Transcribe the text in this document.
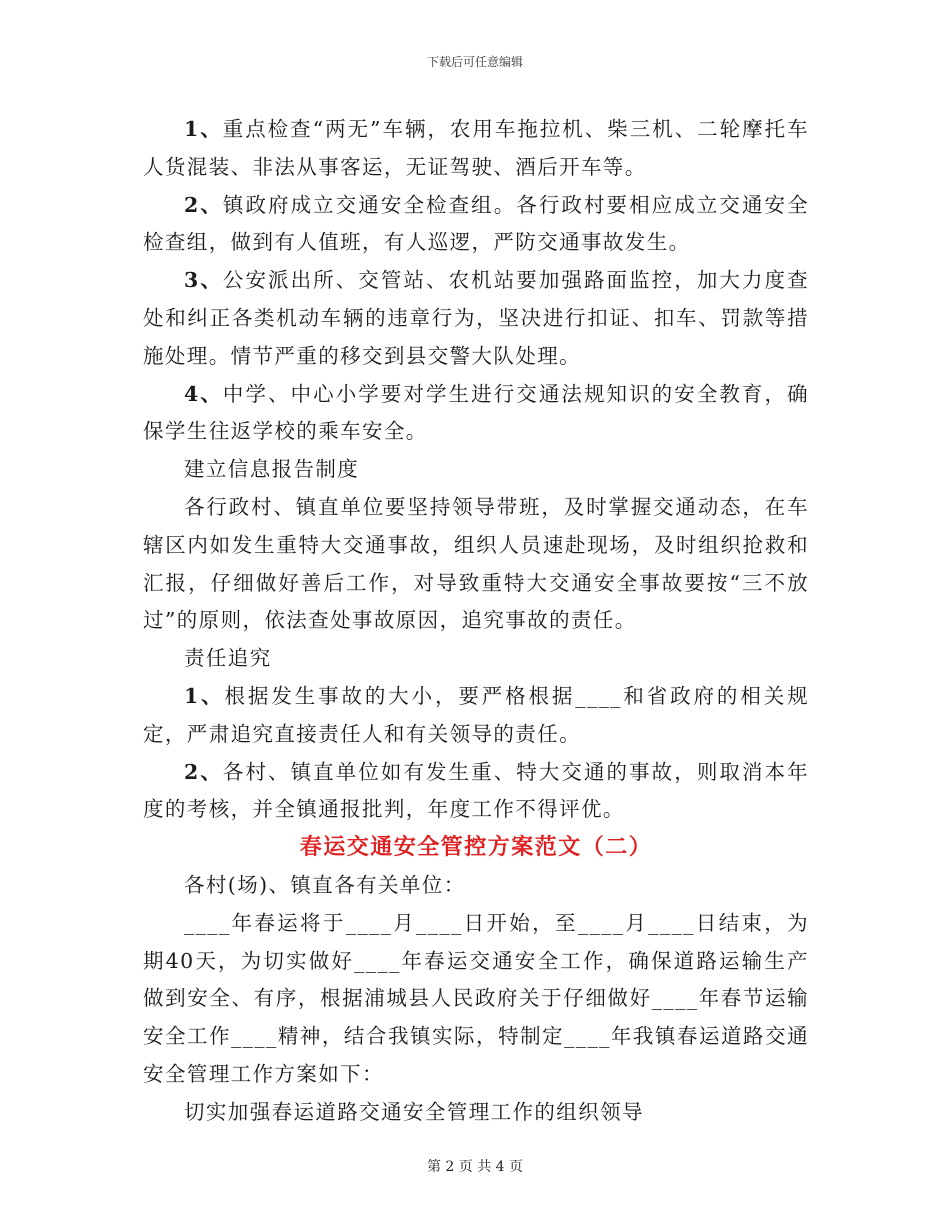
下载后可任意编辑

1、重点检查“两无”车辆，农用车拖拉机、柴三机、二轮摩托车人货混装、非法从事客运，无证驾驶、酒后开车等。

2、镇政府成立交通安全检查组。各行政村要相应成立交通安全检查组，做到有人值班，有人巡逻，严防交通事故发生。

3、公安派出所、交管站、农机站要加强路面监控，加大力度查处和纠正各类机动车辆的违章行为，坚决进行扣证、扣车、罚款等措施处理。情节严重的移交到县交警大队处理。

4、中学、中心小学要对学生进行交通法规知识的安全教育，确保学生往返学校的乘车安全。

建立信息报告制度

各行政村、镇直单位要坚持领导带班，及时掌握交通动态，在车辖区内如发生重特大交通事故，组织人员速赴现场，及时组织抢救和汇报，仔细做好善后工作，对导致重特大交通安全事故要按“三不放过”的原则，依法查处事故原因，追究事故的责任。

责任追究

1、根据发生事故的大小，要严格根据____和省政府的相关规定，严肃追究直接责任人和有关领导的责任。

2、各村、镇直单位如有发生重、特大交通的事故，则取消本年度的考核，并全镇通报批判，年度工作不得评优。

春运交通安全管控方案范文（二）

各村(场)、镇直各有关单位：

____年春运将于____月____日开始，至____月____日结束，为期40天，为切实做好____年春运交通安全工作，确保道路运输生产做到安全、有序，根据浦城县人民政府关于仔细做好____年春节运输安全工作____精神，结合我镇实际，特制定____年我镇春运道路交通安全管理工作方案如下：

切实加强春运道路交通安全管理工作的组织领导

第 2 页 共 4 页
